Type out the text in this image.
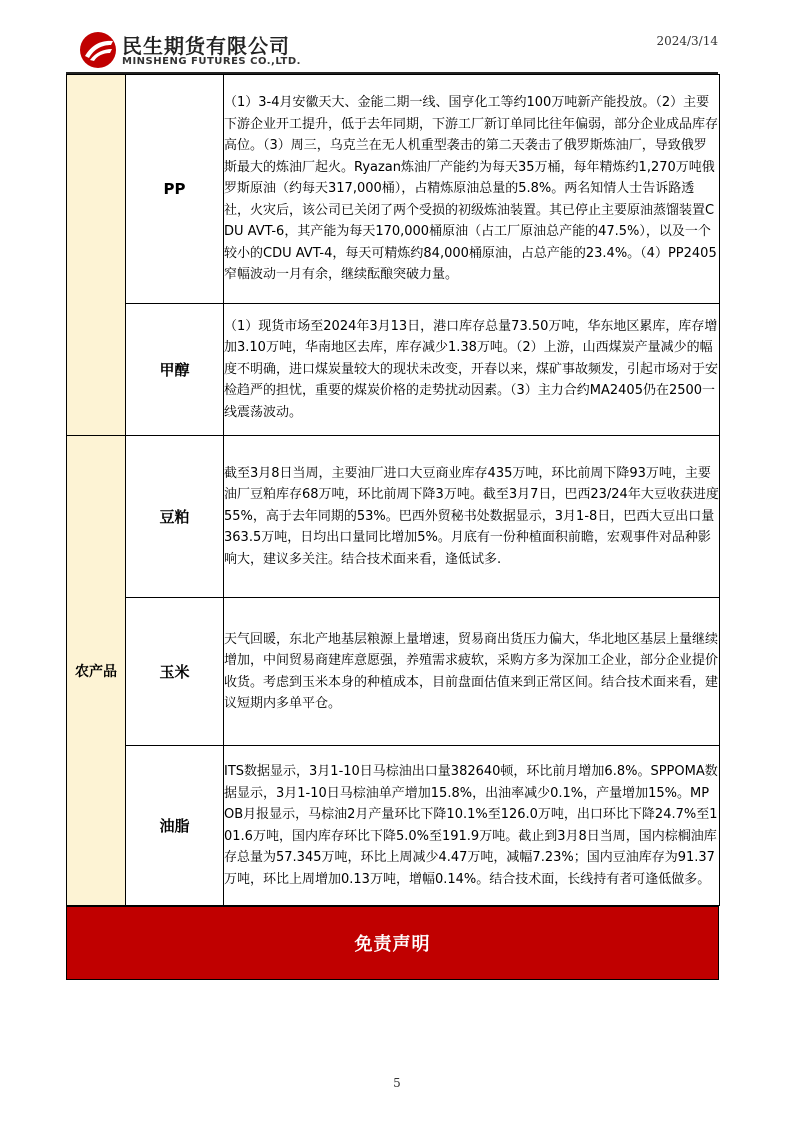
民生期货有限公司
MINSHENG FUTURES CO.,LTD.
2024/3/14
	PP	（1）3-4月安徽天大、金能二期一线、国亨化工等约100万吨新产能投放。（2）主要下游企业开工提升，低于去年同期，下游工厂新订单同比往年偏弱，部分企业成品库存高位。（3）周三，乌克兰在无人机重型袭击的第二天袭击了俄罗斯炼油厂，导致俄罗斯最大的炼油厂起火。Ryazan炼油厂产能约为每天35万桶，每年精炼约1,270万吨俄罗斯原油（约每天317,000桶），占精炼原油总量的5.8%。两名知情人士告诉路透社，火灾后，该公司已关闭了两个受损的初级炼油装置。其已停止主要原油蒸馏装置CDU AVT-6，其产能为每天170,000桶原油（占工厂原油总产能的47.5%），以及一个较小的CDU AVT-4，每天可精炼约84,000桶原油，占总产能的23.4%。（4）PP2405窄幅波动一月有余，继续酝酿突破力量。
	甲醇	（1）现货市场至2024年3月13日，港口库存总量73.50万吨，华东地区累库，库存增加3.10万吨，华南地区去库，库存减少1.38万吨。（2）上游，山西煤炭产量减少的幅度不明确，进口煤炭量较大的现状未改变，开春以来，煤矿事故频发，引起市场对于安检趋严的担忧，重要的煤炭价格的走势扰动因素。（3）主力合约MA2405仍在2500一线震荡波动。
农产品	豆粕	截至3月8日当周，主要油厂进口大豆商业库存435万吨，环比前周下降93万吨，主要油厂豆粕库存68万吨，环比前周下降3万吨。截至3月7日，巴西23/24年大豆收获进度55%，高于去年同期的53%。巴西外贸秘书处数据显示，3月1-8日，巴西大豆出口量363.5万吨，日均出口量同比增加5%。月底有一份种植面积前瞻，宏观事件对品种影响大，建议多关注。结合技术面来看，逢低试多.
	玉米	天气回暖，东北产地基层粮源上量增速，贸易商出货压力偏大，华北地区基层上量继续增加，中间贸易商建库意愿强，养殖需求疲软，采购方多为深加工企业，部分企业提价收货。考虑到玉米本身的种植成本，目前盘面估值来到正常区间。结合技术面来看，建议短期内多单平仓。
	油脂	ITS数据显示，3月1-10日马棕油出口量382640顿，环比前月增加6.8%。SPPOMA数据显示，3月1-10日马棕油单产增加15.8%，出油率减少0.1%，产量增加15%。MPOB月报显示，马棕油2月产量环比下降10.1%至126.0万吨，出口环比下降24.7%至101.6万吨，国内库存环比下降5.0%至191.9万吨。截止到3月8日当周，国内棕榈油库存总量为57.345万吨，环比上周减少4.47万吨，减幅7.23%；国内豆油库存为91.37万吨，环比上周增加0.13万吨，增幅0.14%。结合技术面，长线持有者可逢低做多。
免责声明
5
